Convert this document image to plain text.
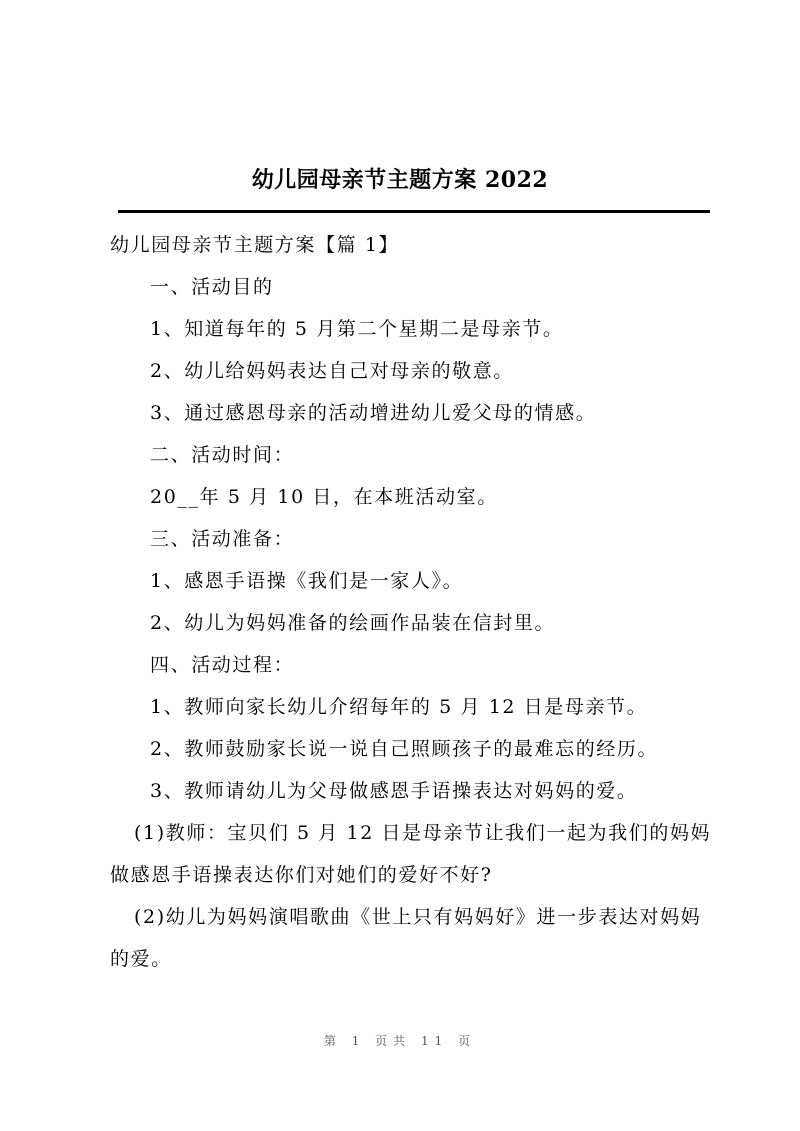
幼儿园母亲节主题方案 2022

幼儿园母亲节主题方案【篇 1】

一、活动目的

1、知道每年的 5 月第二个星期二是母亲节。

2、幼儿给妈妈表达自己对母亲的敬意。

3、通过感恩母亲的活动增进幼儿爱父母的情感。

二、活动时间：

20__年 5 月 10 日，在本班活动室。

三、活动准备：

1、感恩手语操《我们是一家人》。

2、幼儿为妈妈准备的绘画作品装在信封里。

四、活动过程：

1、教师向家长幼儿介绍每年的 5 月 12 日是母亲节。

2、教师鼓励家长说一说自己照顾孩子的最难忘的经历。

3、教师请幼儿为父母做感恩手语操表达对妈妈的爱。

(1)教师：宝贝们 5 月 12 日是母亲节让我们一起为我们的妈妈做感恩手语操表达你们对她们的爱好不好?

(2)幼儿为妈妈演唱歌曲《世上只有妈妈好》进一步表达对妈妈的爱。

第 1 页共 11 页
